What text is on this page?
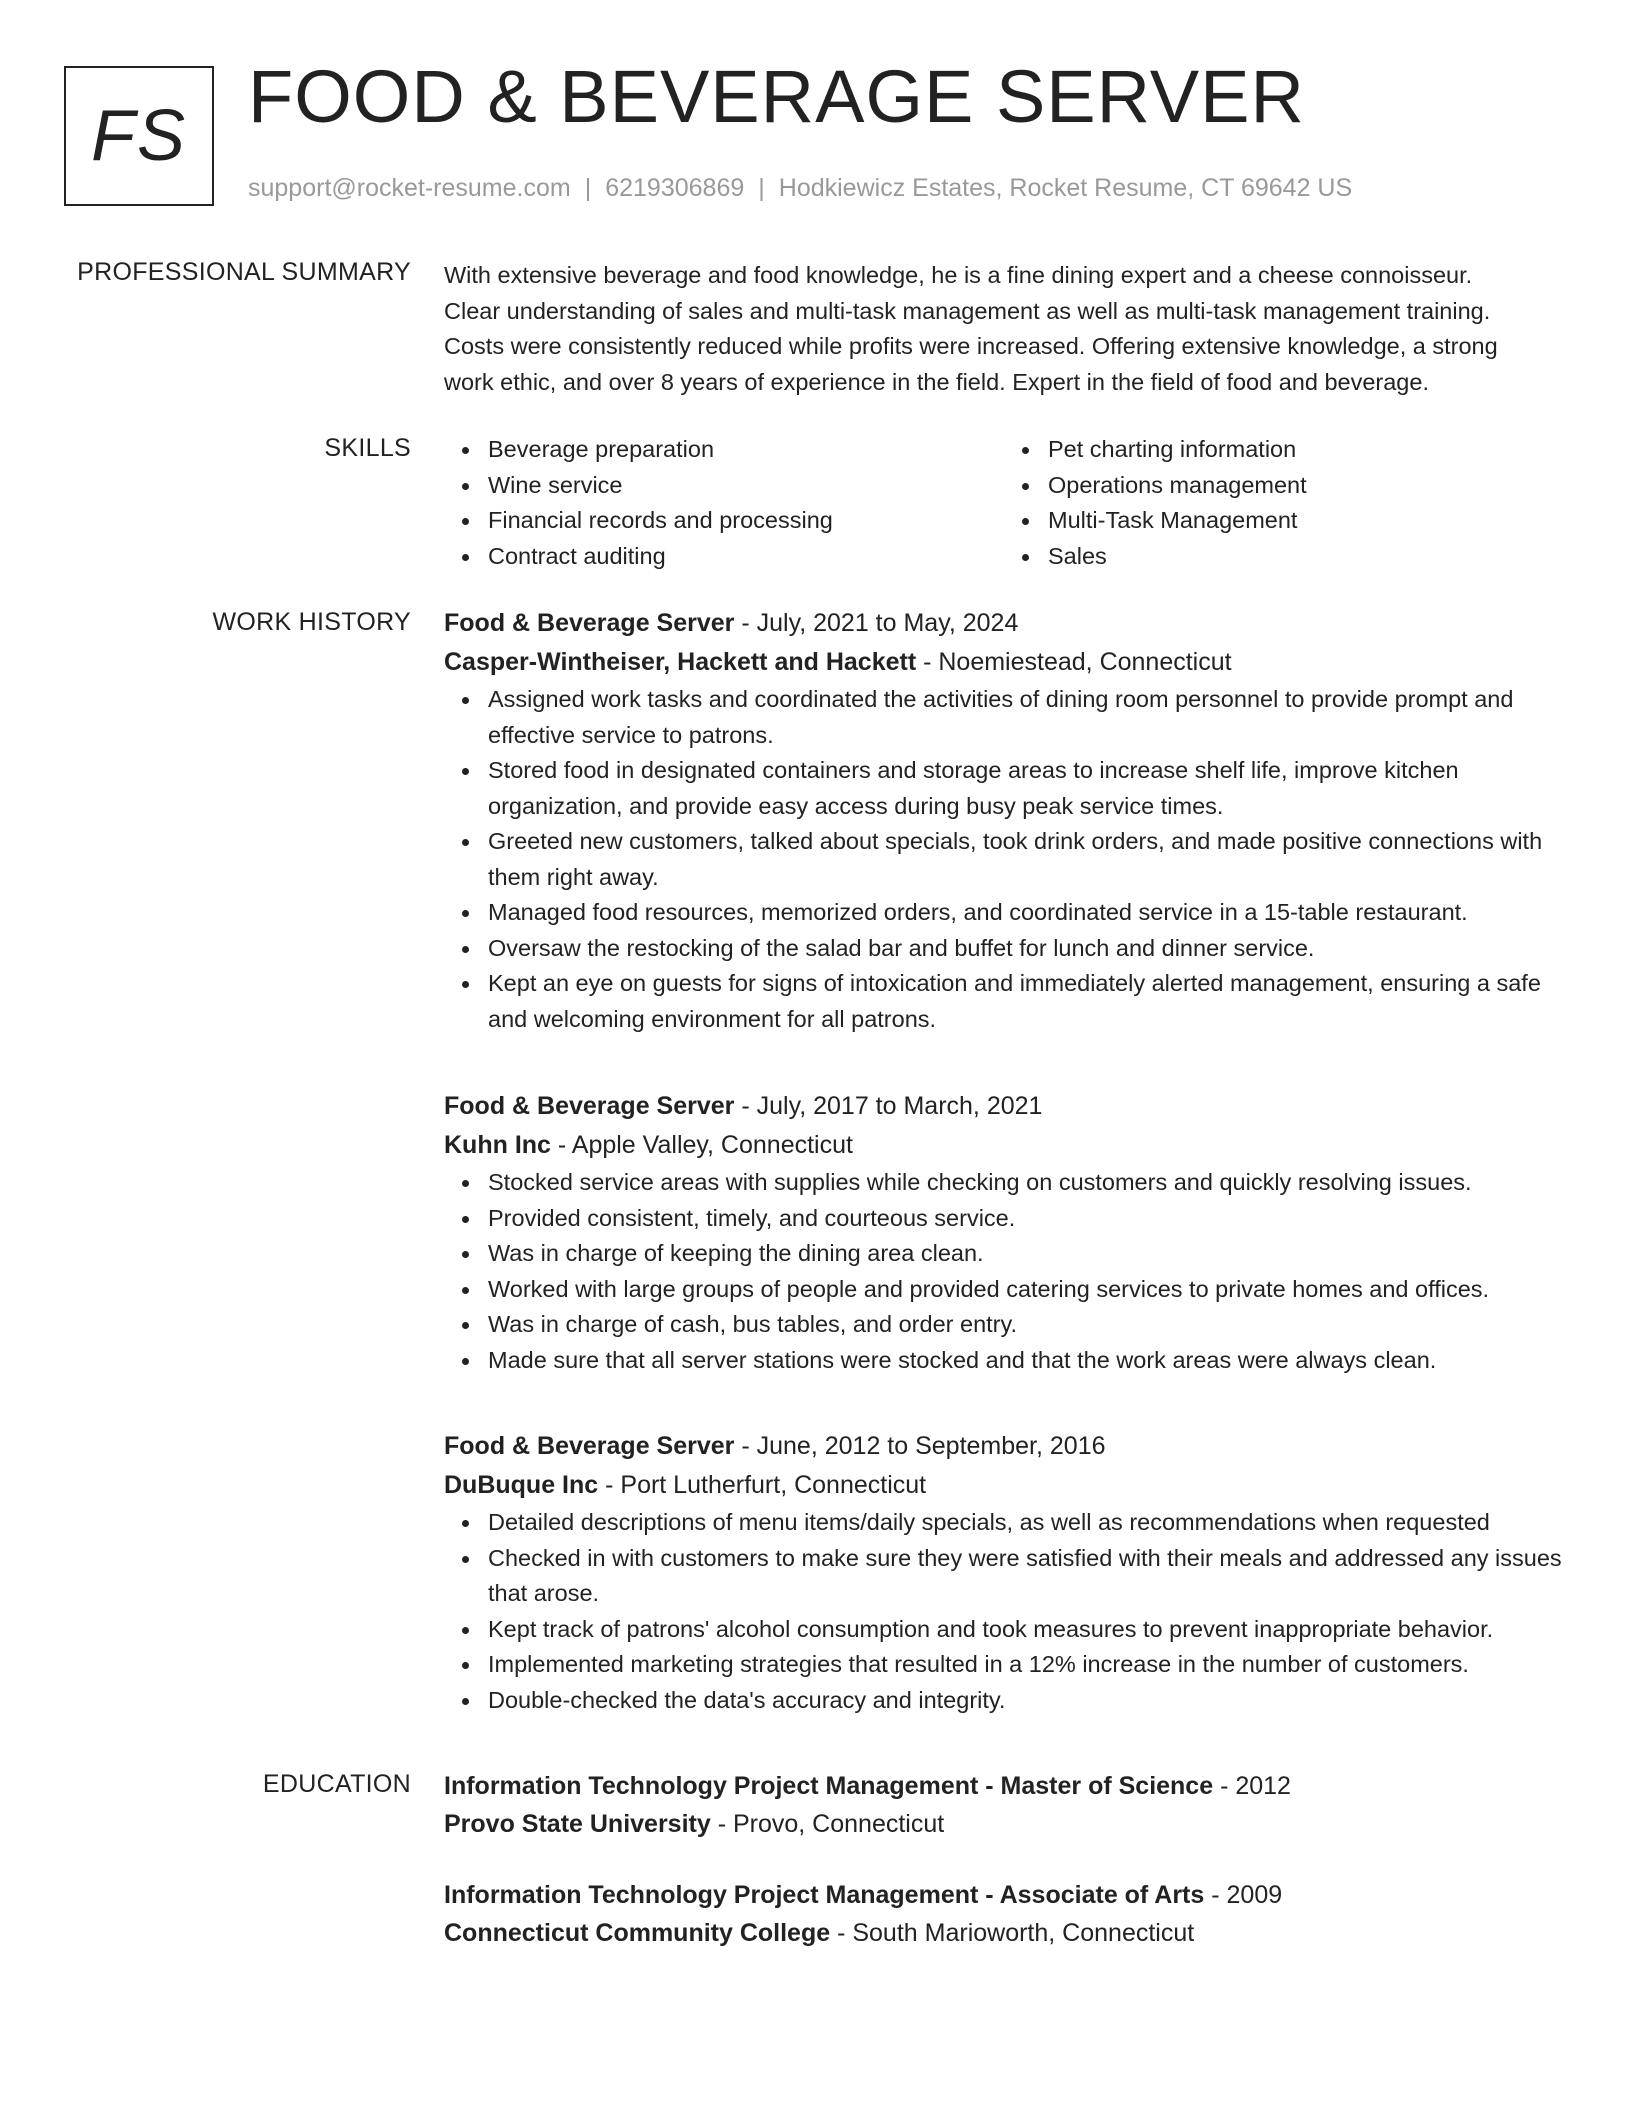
FS FOOD & BEVERAGE SERVER
support@rocket-resume.com | 6219306869 | Hodkiewicz Estates, Rocket Resume, CT 69642 US
PROFESSIONAL SUMMARY With extensive beverage and food knowledge, he is a fine dining expert and a cheese connoisseur.
Clear understanding of sales and multi-task management as well as multi-task management training.
Costs were consistently reduced while profits were increased. Offering extensive knowledge, a strong
work ethic, and over 8 years of experience in the field. Expert in the field of food and beverage.

SKILLS	Beverage preparation
Wine service
Financial records and processing
Contract auditing
Pet charting information
Operations management
Multi-Task Management
Sales
WORK HISTORY Food & Beverage Server - July, 2021 to May, 2024
Casper-Wintheiser, Hackett and Hackett - Noemiestead, Connecticut
Assigned work tasks and coordinated the activities of dining room personnel to provide prompt and effective service to patrons.
Stored food in designated containers and storage areas to increase shelf life, improve kitchen organization, and provide easy access during busy peak service times.
Greeted new customers, talked about specials, took drink orders, and made positive connections with them right away.
Managed food resources, memorized orders, and coordinated service in a 15-table restaurant.
Oversaw the restocking of the salad bar and buffet for lunch and dinner service.
Kept an eye on guests for signs of intoxication and immediately alerted management, ensuring a safe and welcoming environment for all patrons.
Food & Beverage Server - July, 2017 to March, 2021
Kuhn Inc - Apple Valley, Connecticut
Stocked service areas with supplies while checking on customers and quickly resolving issues.
Provided consistent, timely, and courteous service.
Was in charge of keeping the dining area clean.
Worked with large groups of people and provided catering services to private homes and offices.
Was in charge of cash, bus tables, and order entry.
Made sure that all server stations were stocked and that the work areas were always clean.
Food & Beverage Server - June, 2012 to September, 2016
DuBuque Inc - Port Lutherfurt, Connecticut
Detailed descriptions of menu items/daily specials, as well as recommendations when requested
Checked in with customers to make sure they were satisfied with their meals and addressed any issues that arose.
Kept track of patrons' alcohol consumption and took measures to prevent inappropriate behavior.
Implemented marketing strategies that resulted in a 12% increase in the number of customers.
Double-checked the data's accuracy and integrity.
EDUCATION Information Technology Project Management - Master of Science - 2012
Provo State University - Provo, Connecticut
Information Technology Project Management - Associate of Arts - 2009
Connecticut Community College - South Marioworth, Connecticut
